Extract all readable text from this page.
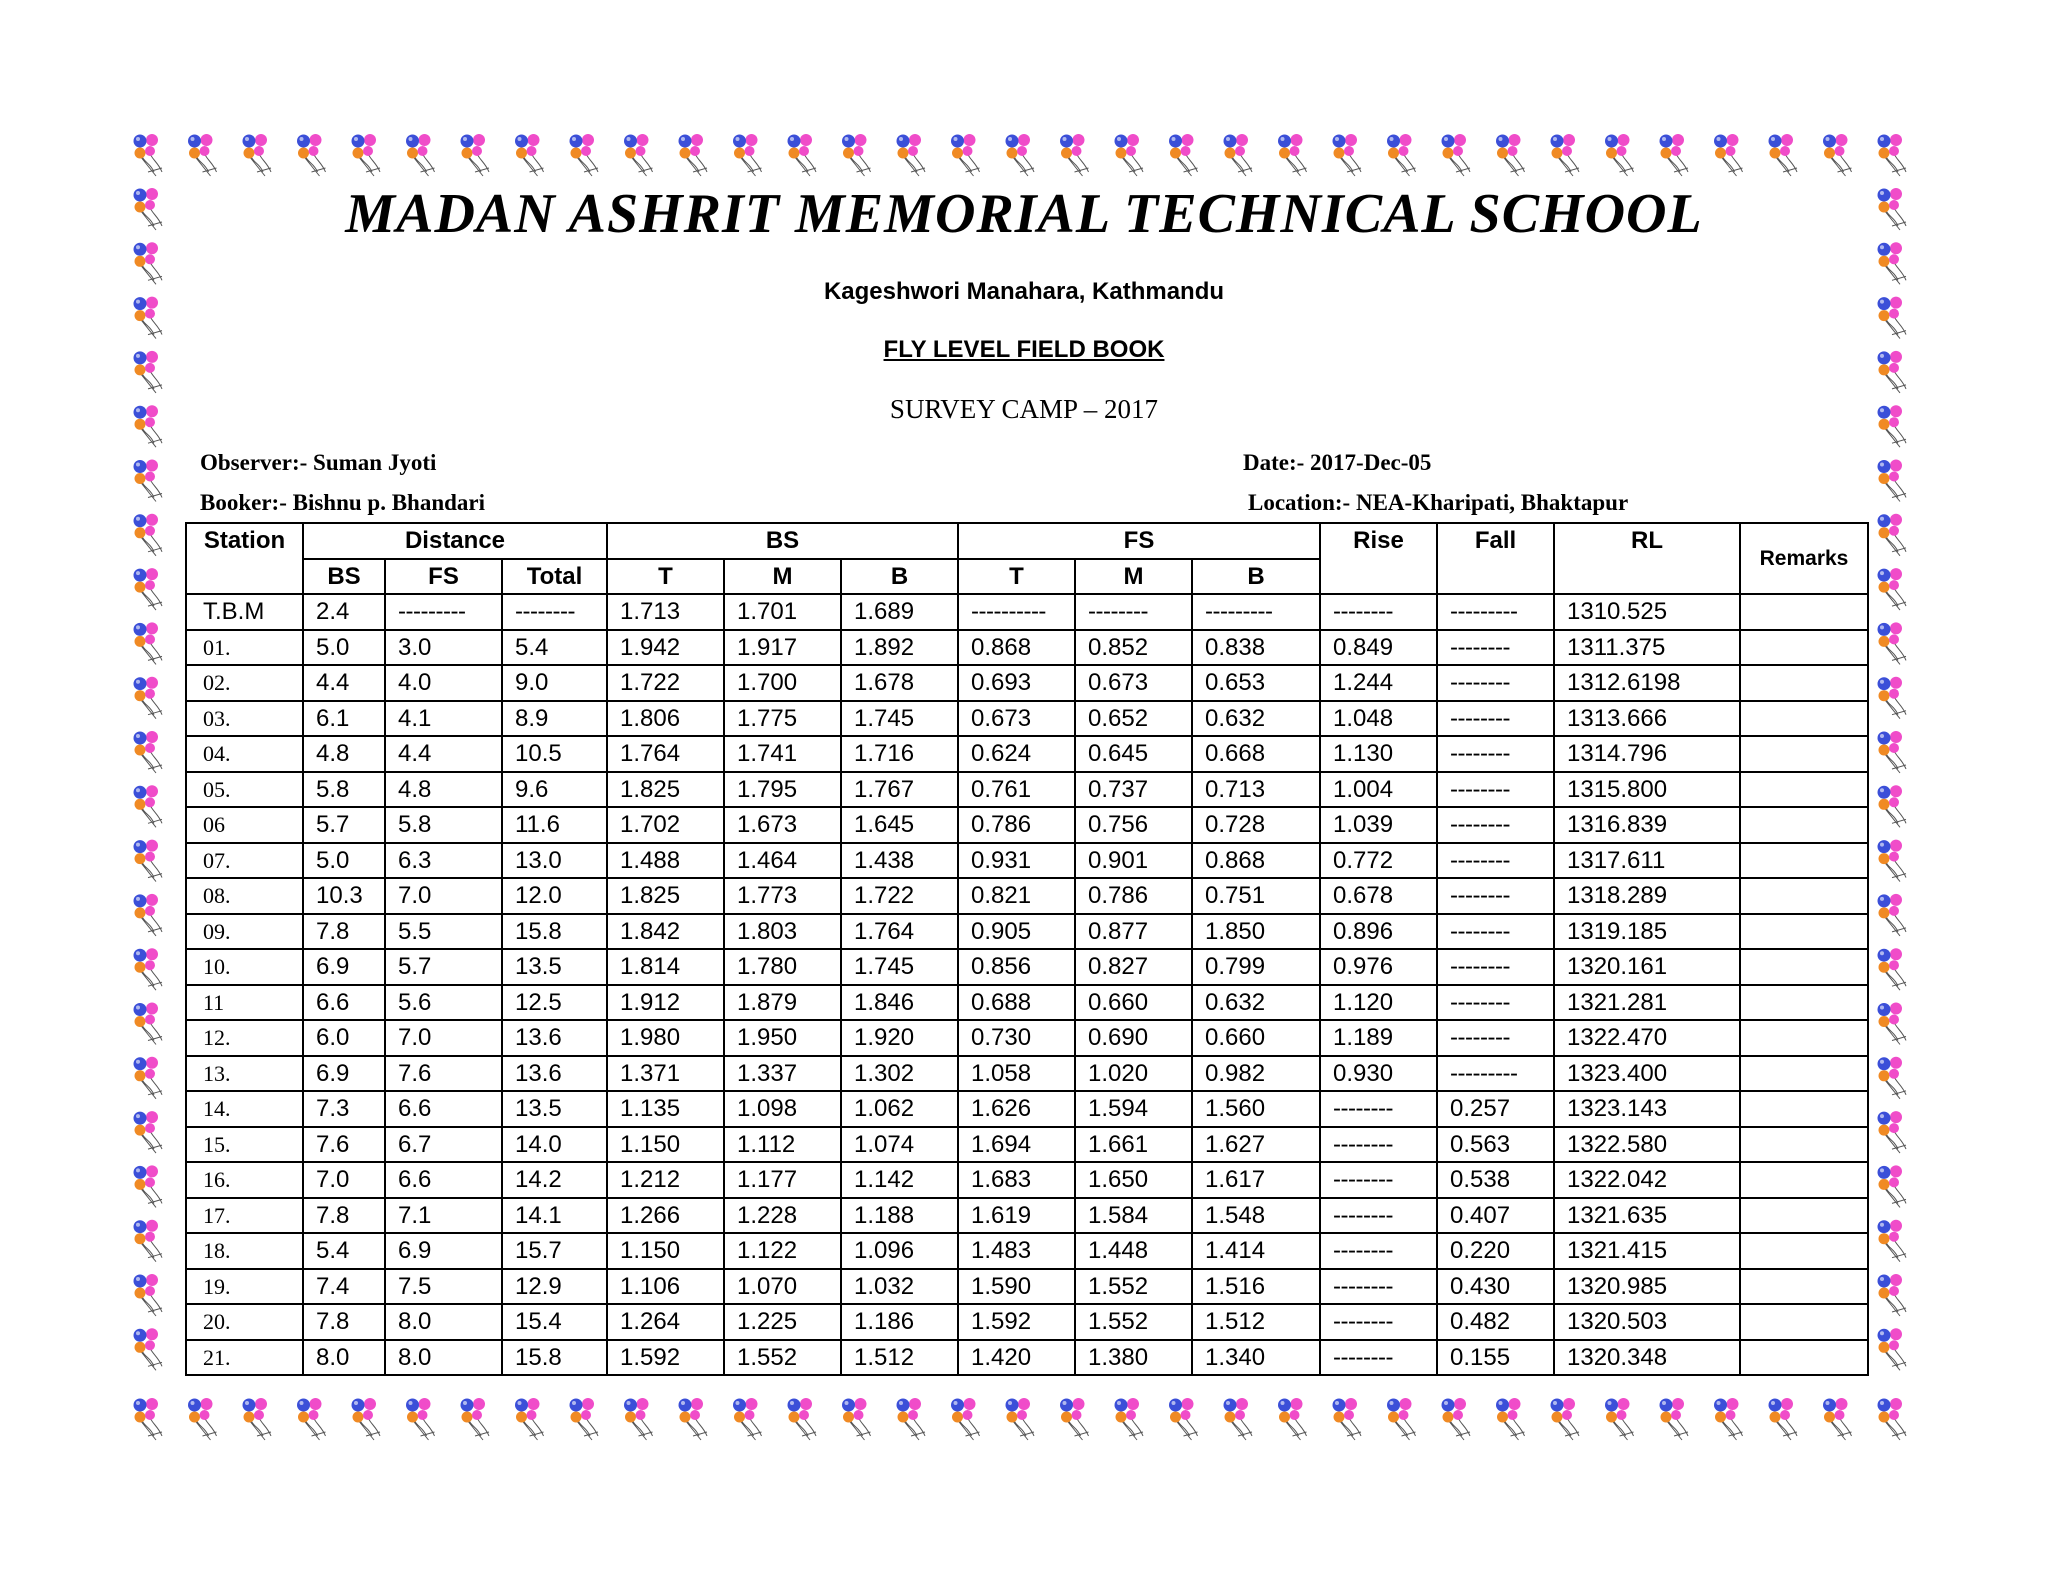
MADAN ASHRIT MEMORIAL TECHNICAL SCHOOL
Kageshwori Manahara, Kathmandu
FLY LEVEL FIELD BOOK
SURVEY CAMP – 2017
Observer:- Suman Jyoti	Date:- 2017-Dec-05
Booker:- Bishnu p. Bhandari	Location:- NEA-Kharipati, Bhaktapur
Station	Distance			BS			FS			Rise	Fall	RL	Remarks
	BS	FS	Total	T	M	B	T	M	B				
T.B.M	2.4	---------	--------	1.713	1.701	1.689	----------	--------	---------	--------	---------	1310.525	
01.	5.0	3.0	5.4	1.942	1.917	1.892	0.868	0.852	0.838	0.849	--------	1311.375	
02.	4.4	4.0	9.0	1.722	1.700	1.678	0.693	0.673	0.653	1.244	--------	1312.6198	
03.	6.1	4.1	8.9	1.806	1.775	1.745	0.673	0.652	0.632	1.048	--------	1313.666	
04.	4.8	4.4	10.5	1.764	1.741	1.716	0.624	0.645	0.668	1.130	--------	1314.796	
05.	5.8	4.8	9.6	1.825	1.795	1.767	0.761	0.737	0.713	1.004	--------	1315.800	
06	5.7	5.8	11.6	1.702	1.673	1.645	0.786	0.756	0.728	1.039	--------	1316.839	
07.	5.0	6.3	13.0	1.488	1.464	1.438	0.931	0.901	0.868	0.772	--------	1317.611	
08.	10.3	7.0	12.0	1.825	1.773	1.722	0.821	0.786	0.751	0.678	--------	1318.289	
09.	7.8	5.5	15.8	1.842	1.803	1.764	0.905	0.877	1.850	0.896	--------	1319.185	
10.	6.9	5.7	13.5	1.814	1.780	1.745	0.856	0.827	0.799	0.976	--------	1320.161	
11	6.6	5.6	12.5	1.912	1.879	1.846	0.688	0.660	0.632	1.120	--------	1321.281	
12.	6.0	7.0	13.6	1.980	1.950	1.920	0.730	0.690	0.660	1.189	--------	1322.470	
13.	6.9	7.6	13.6	1.371	1.337	1.302	1.058	1.020	0.982	0.930	---------	1323.400	
14.	7.3	6.6	13.5	1.135	1.098	1.062	1.626	1.594	1.560	--------	0.257	1323.143	
15.	7.6	6.7	14.0	1.150	1.112	1.074	1.694	1.661	1.627	--------	0.563	1322.580	
16.	7.0	6.6	14.2	1.212	1.177	1.142	1.683	1.650	1.617	--------	0.538	1322.042	
17.	7.8	7.1	14.1	1.266	1.228	1.188	1.619	1.584	1.548	--------	0.407	1321.635	
18.	5.4	6.9	15.7	1.150	1.122	1.096	1.483	1.448	1.414	--------	0.220	1321.415	
19.	7.4	7.5	12.9	1.106	1.070	1.032	1.590	1.552	1.516	--------	0.430	1320.985	
20.	7.8	8.0	15.4	1.264	1.225	1.186	1.592	1.552	1.512	--------	0.482	1320.503	
21.	8.0	8.0	15.8	1.592	1.552	1.512	1.420	1.380	1.340	--------	0.155	1320.348	
